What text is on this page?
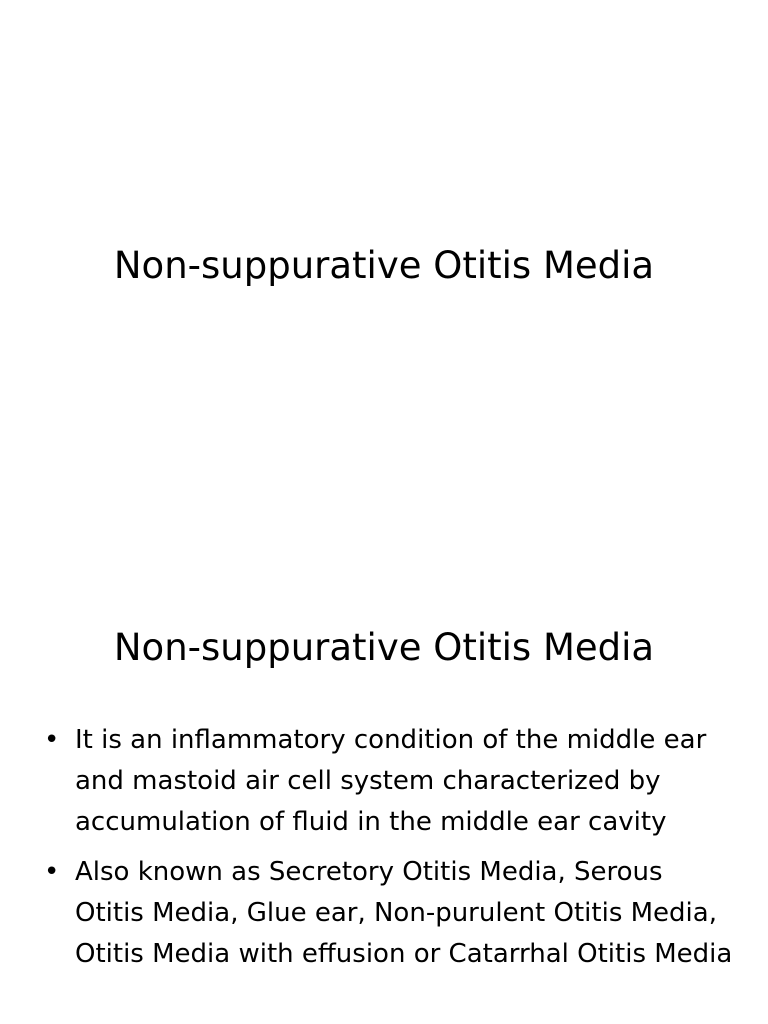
Non-suppurative Otitis Media
Non-suppurative Otitis Media
• It is an inflammatory condition of the middle ear and mastoid air cell system characterized by accumulation of fluid in the middle ear cavity
• Also known as Secretory Otitis Media, Serous Otitis Media, Glue ear, Non-purulent Otitis Media, Otitis Media with effusion or Catarrhal Otitis Media
